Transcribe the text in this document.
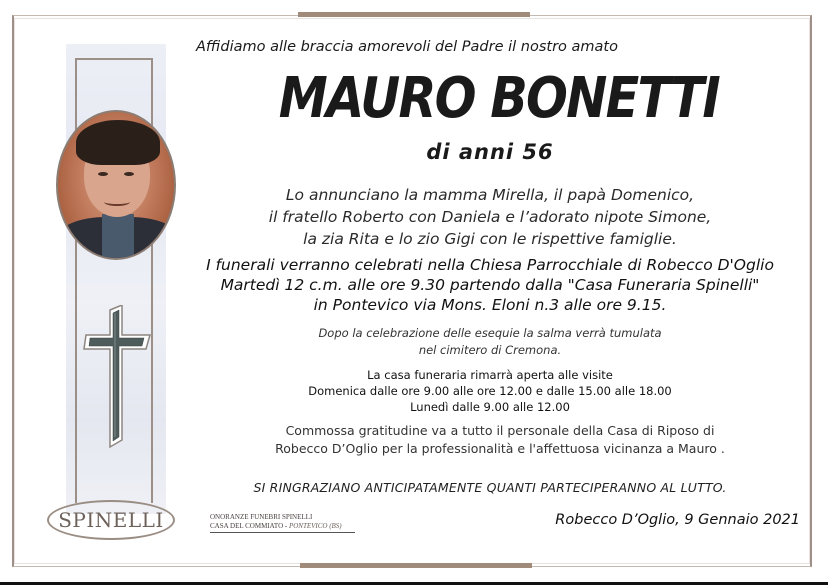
SPINELLI	ONORANZE FUNEBRI SPINELLI
CASA DEL COMMIATO - PONTEVICO (BS)
Affidiamo alle braccia amorevoli del Padre il nostro amato
MAURO BONETTI
di anni 56
Lo annunciano la mamma Mirella, il papà Domenico,
il fratello Roberto con Daniela e l’adorato nipote Simone,
la zia Rita e lo zio Gigi con le rispettive famiglie.
I funerali verranno celebrati nella Chiesa Parrocchiale di Robecco D'Oglio
Martedì 12 c.m. alle ore 9.30 partendo dalla "Casa Funeraria Spinelli"
in Pontevico via Mons. Eloni n.3 alle ore 9.15.
Dopo la celebrazione delle esequie la salma verrà tumulata
nel cimitero di Cremona.
La casa funeraria rimarrà aperta alle visite
Domenica dalle ore 9.00 alle ore 12.00 e dalle 15.00 alle 18.00
Lunedì dalle 9.00 alle 12.00
Commossa gratitudine va a tutto il personale della Casa di Riposo di
Robecco D’Oglio per la professionalità e l'affettuosa vicinanza a Mauro .
SI RINGRAZIANO ANTICIPATAMENTE QUANTI PARTECIPERANNO AL LUTTO.
Robecco D’Oglio, 9 Gennaio 2021
